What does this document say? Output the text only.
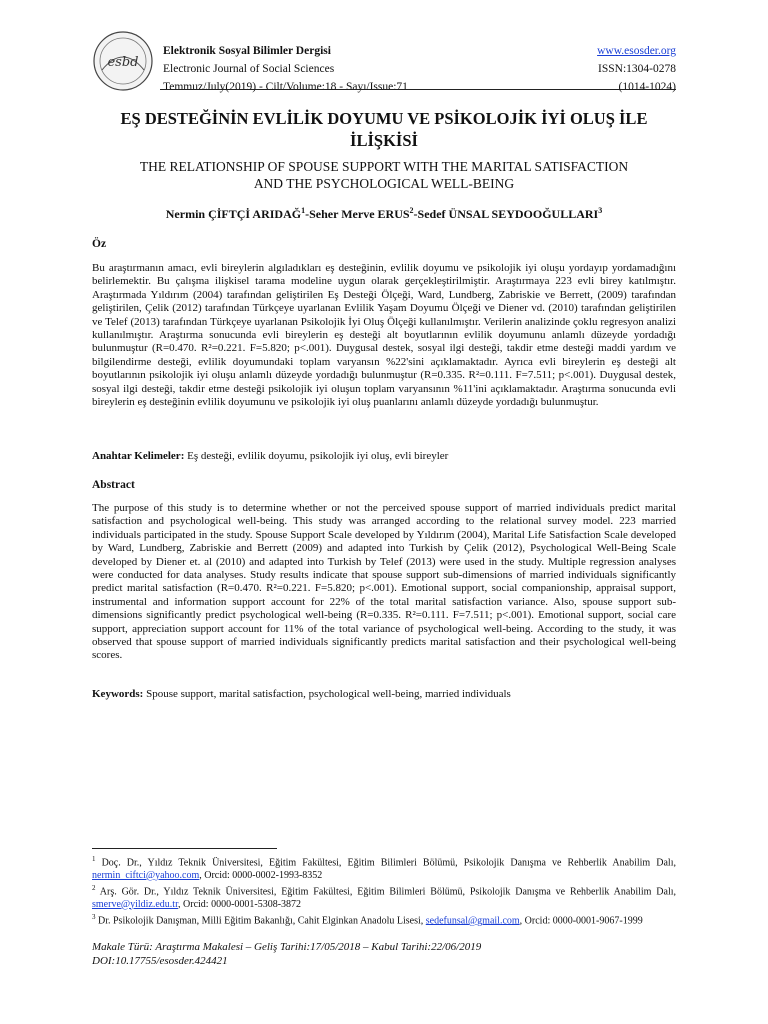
esbd
Elektronik Sosyal Bilimler Dergisi
Electronic Journal of Social Sciences
Temmuz/July(2019) - Cilt/Volume:18 - Sayı/Issue:71
www.esosder.org
ISSN:1304-0278
(1014-1024)
EŞ DESTEĞİNİN EVLİLİK DOYUMU VE PSİKOLOJİK İYİ OLUŞ İLE
İLİŞKİSİ
THE RELATIONSHIP OF SPOUSE SUPPORT WITH THE MARITAL SATISFACTION
AND THE PSYCHOLOGICAL WELL-BEING
Nermin ÇİFTÇİ ARIDAĞ$^1$-Seher Merve ERUS$^2$-Sedef ÜNSAL SEYDOOĞULLARI$^3$
Öz
Bu araştırmanın amacı, evli bireylerin algıladıkları eş desteğinin, evlilik doyumu ve psikolojik iyi oluşu yordayıp yordamadığını belirlemektir. Bu çalışma ilişkisel tarama modeline uygun olarak gerçekleştirilmiştir. Araştırmaya 223 evli birey katılmıştır. Araştırmada Yıldırım (2004) tarafından geliştirilen Eş Desteği Ölçeği, Ward, Lundberg, Zabriskie ve Berrett, (2009) tarafından geliştirilen, Çelik (2012) tarafından Türkçeye uyarlanan Evlilik Yaşam Doyumu Ölçeği ve Diener vd. (2010) tarafından geliştirilen ve Telef (2013) tarafından Türkçeye uyarlanan Psikolojik İyi Oluş Ölçeği kullanılmıştır. Verilerin analizinde çoklu regresyon analizi kullanılmıştır. Araştırma sonucunda evli bireylerin eş desteği alt boyutlarının evlilik doyumunu anlamlı düzeyde yordadığı bulunmuştur (R=0.470. R²=0.221. F=5.820; p<.001). Duygusal destek, sosyal ilgi desteği, takdir etme desteği maddi yardım ve bilgilendirme desteği, evlilik doyumundaki toplam varyansın %22'sini açıklamaktadır. Ayrıca evli bireylerin eş desteği alt boyutlarının psikolojik iyi oluşu anlamlı düzeyde yordadığı bulunmuştur (R=0.335. R²=0.111. F=7.511; p<.001). Duygusal destek, sosyal ilgi desteği, takdir etme desteği psikolojik iyi oluşun toplam varyansının %11'ini açıklamaktadır. Araştırma sonucunda evli bireylerin eş desteğinin evlilik doyumunu ve psikolojik iyi oluş puanlarını anlamlı düzeyde yordadığı bulunmuştur.
Anahtar Kelimeler: Eş desteği, evlilik doyumu, psikolojik iyi oluş, evli bireyler
Abstract
The purpose of this study is to determine whether or not the perceived spouse support of married individuals predict marital satisfaction and psychological well-being. This study was arranged according to the relational survey model. 223 married individuals participated in the study. Spouse Support Scale developed by Yıldırım (2004), Marital Life Satisfaction Scale developed by Ward, Lundberg, Zabriskie and Berrett (2009) and adapted into Turkish by Çelik (2012), Psychological Well-Being Scale developed by Diener et. al (2010) and adapted into Turkish by Telef (2013) were used in the study. Multiple regression analyses were conducted for data analyses. Study results indicate that spouse support sub-dimensions of married individuals significantly predict marital satisfaction (R=0.470. R²=0.221. F=5.820; p<.001). Emotional support, social companionship, appraisal support, instrumental and information support account for 22% of the total marital satisfaction variance. Also, spouse support sub-dimensions significantly predict psychological well-being (R=0.335. R²=0.111. F=7.511; p<.001). Emotional support, social care support, appreciation support account for 11% of the total variance of psychological well-being. According to the study, it was observed that spouse support of married individuals significantly predicts marital satisfaction and their psychological well-being scores.
Keywords: Spouse support, marital satisfaction, psychological well-being, married individuals
$^1$ Doç. Dr., Yıldız Teknik Üniversitesi, Eğitim Fakültesi, Eğitim Bilimleri Bölümü, Psikolojik Danışma ve Rehberlik Anabilim Dalı, nermin_ciftci@yahoo.com, Orcid: 0000-0002-1993-8352
$^2$ Arş. Gör. Dr., Yıldız Teknik Üniversitesi, Eğitim Fakültesi, Eğitim Bilimleri Bölümü, Psikolojik Danışma ve Rehberlik Anabilim Dalı, smerve@yildiz.edu.tr, Orcid: 0000-0001-5308-3872
$^3$ Dr. Psikolojik Danışman, Milli Eğitim Bakanlığı, Cahit Elginkan Anadolu Lisesi, sedefunsal@gmail.com, Orcid: 0000-0001-9067-1999
Makale Türü: Araştırma Makalesi – Geliş Tarihi:17/05/2018 – Kabul Tarihi:22/06/2019
DOI:10.17755/esosder.424421
